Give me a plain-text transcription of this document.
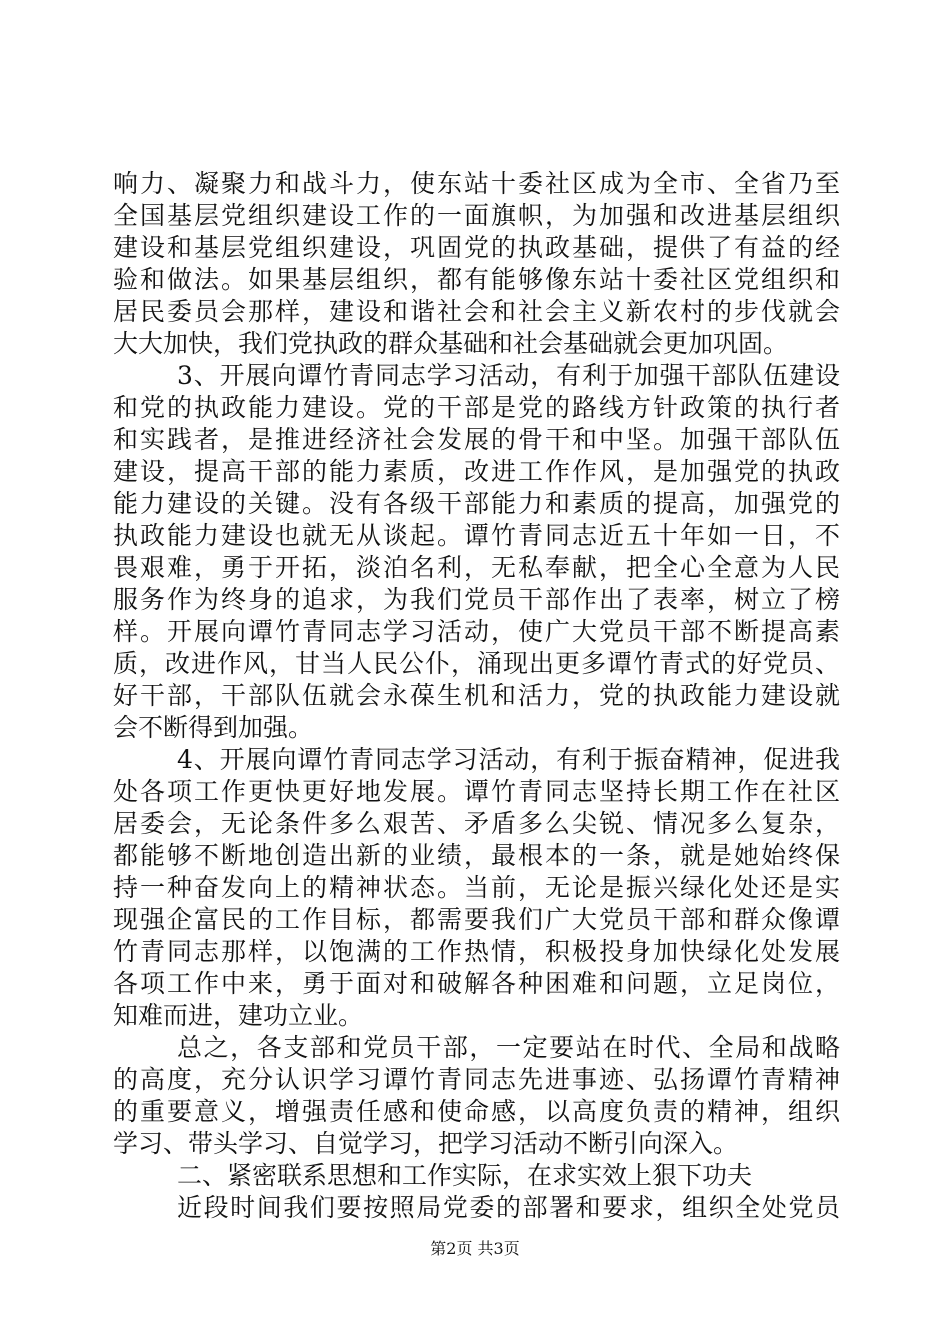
响力、凝聚力和战斗力，使东站十委社区成为全市、全省乃至
全国基层党组织建设工作的一面旗帜，为加强和改进基层组织
建设和基层党组织建设，巩固党的执政基础，提供了有益的经
验和做法。如果基层组织，都有能够像东站十委社区党组织和
居民委员会那样，建设和谐社会和社会主义新农村的步伐就会
大大加快，我们党执政的群众基础和社会基础就会更加巩固。
3、开展向谭竹青同志学习活动，有利于加强干部队伍建设
和党的执政能力建设。党的干部是党的路线方针政策的执行者
和实践者，是推进经济社会发展的骨干和中坚。加强干部队伍
建设，提高干部的能力素质，改进工作作风，是加强党的执政
能力建设的关键。没有各级干部能力和素质的提高，加强党的
执政能力建设也就无从谈起。谭竹青同志近五十年如一日，不
畏艰难，勇于开拓，淡泊名利，无私奉献，把全心全意为人民
服务作为终身的追求，为我们党员干部作出了表率，树立了榜
样。开展向谭竹青同志学习活动，使广大党员干部不断提高素
质，改进作风，甘当人民公仆，涌现出更多谭竹青式的好党员、
好干部，干部队伍就会永葆生机和活力，党的执政能力建设就
会不断得到加强。
4、开展向谭竹青同志学习活动，有利于振奋精神，促进我
处各项工作更快更好地发展。谭竹青同志坚持长期工作在社区
居委会，无论条件多么艰苦、矛盾多么尖锐、情况多么复杂，
都能够不断地创造出新的业绩，最根本的一条，就是她始终保
持一种奋发向上的精神状态。当前，无论是振兴绿化处还是实
现强企富民的工作目标，都需要我们广大党员干部和群众像谭
竹青同志那样，以饱满的工作热情，积极投身加快绿化处发展
各项工作中来，勇于面对和破解各种困难和问题，立足岗位，
知难而进，建功立业。
总之，各支部和党员干部，一定要站在时代、全局和战略
的高度，充分认识学习谭竹青同志先进事迹、弘扬谭竹青精神
的重要意义，增强责任感和使命感，以高度负责的精神，组织
学习、带头学习、自觉学习，把学习活动不断引向深入。
二、紧密联系思想和工作实际，在求实效上狠下功夫
近段时间我们要按照局党委的部署和要求，组织全处党员
第2页 共3页
